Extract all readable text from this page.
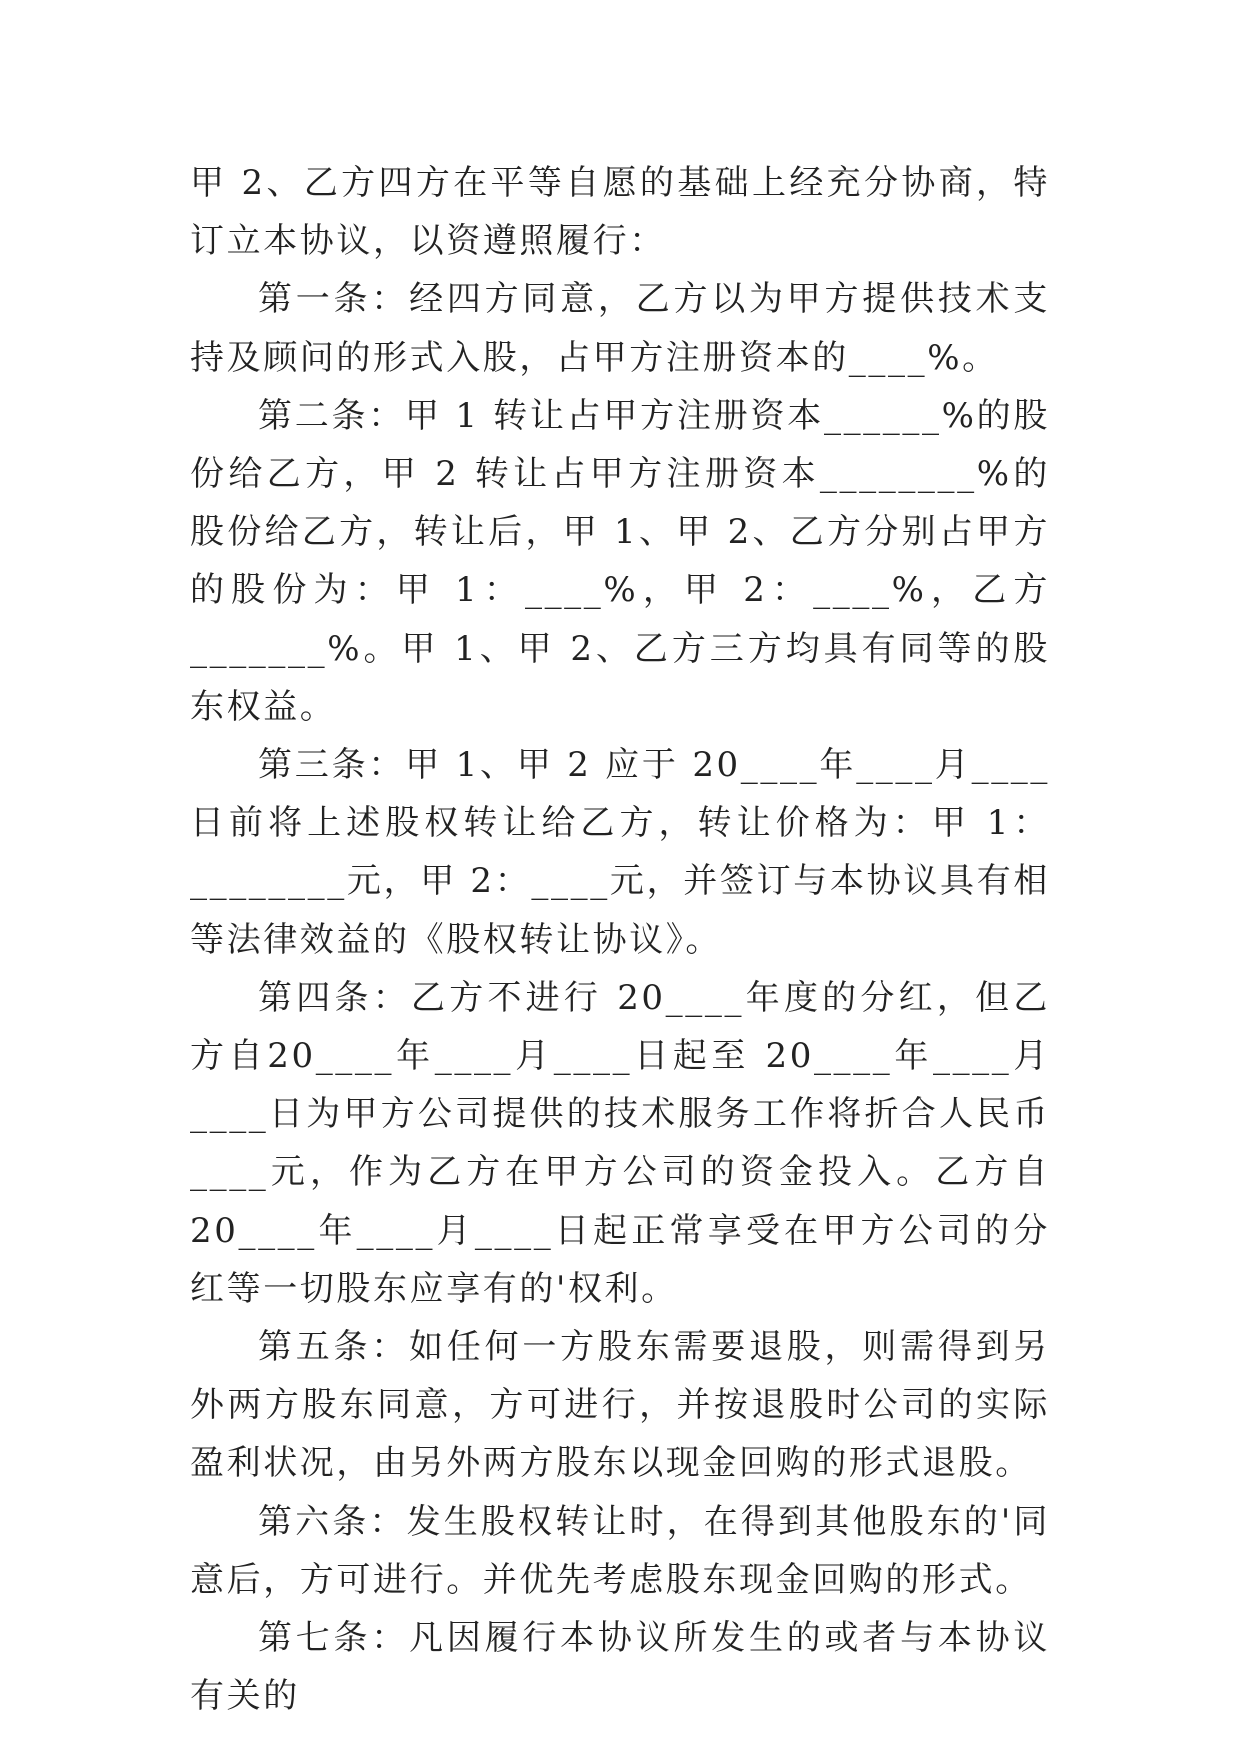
甲 2、乙方四方在平等自愿的基础上经充分协商，特订立本协议，以资遵照履行：

第一条：经四方同意，乙方以为甲方提供技术支持及顾问的形式入股，占甲方注册资本的____%。

第二条：甲 1 转让占甲方注册资本______%的股份给乙方，甲 2 转让占甲方注册资本________%的股份给乙方，转让后，甲 1、甲 2、乙方分别占甲方的股份为：甲 1：____%，甲 2：____%，乙方_______%。甲 1、甲 2、乙方三方均具有同等的股东权益。

第三条：甲 1、甲 2 应于 20____年____月____日前将上述股权转让给乙方，转让价格为：甲 1：________元，甲 2：____元，并签订与本协议具有相等法律效益的《股权转让协议》。

第四条：乙方不进行 20____年度的分红，但乙方自20____年____月____日起至 20____年____月____日为甲方公司提供的技术服务工作将折合人民币____元，作为乙方在甲方公司的资金投入。乙方自 20____年____月____日起正常享受在甲方公司的分红等一切股东应享有的'权利。

第五条：如任何一方股东需要退股，则需得到另外两方股东同意，方可进行，并按退股时公司的实际盈利状况，由另外两方股东以现金回购的形式退股。

第六条：发生股权转让时，在得到其他股东的'同意后，方可进行。并优先考虑股东现金回购的形式。

第七条：凡因履行本协议所发生的或者与本协议有关的
